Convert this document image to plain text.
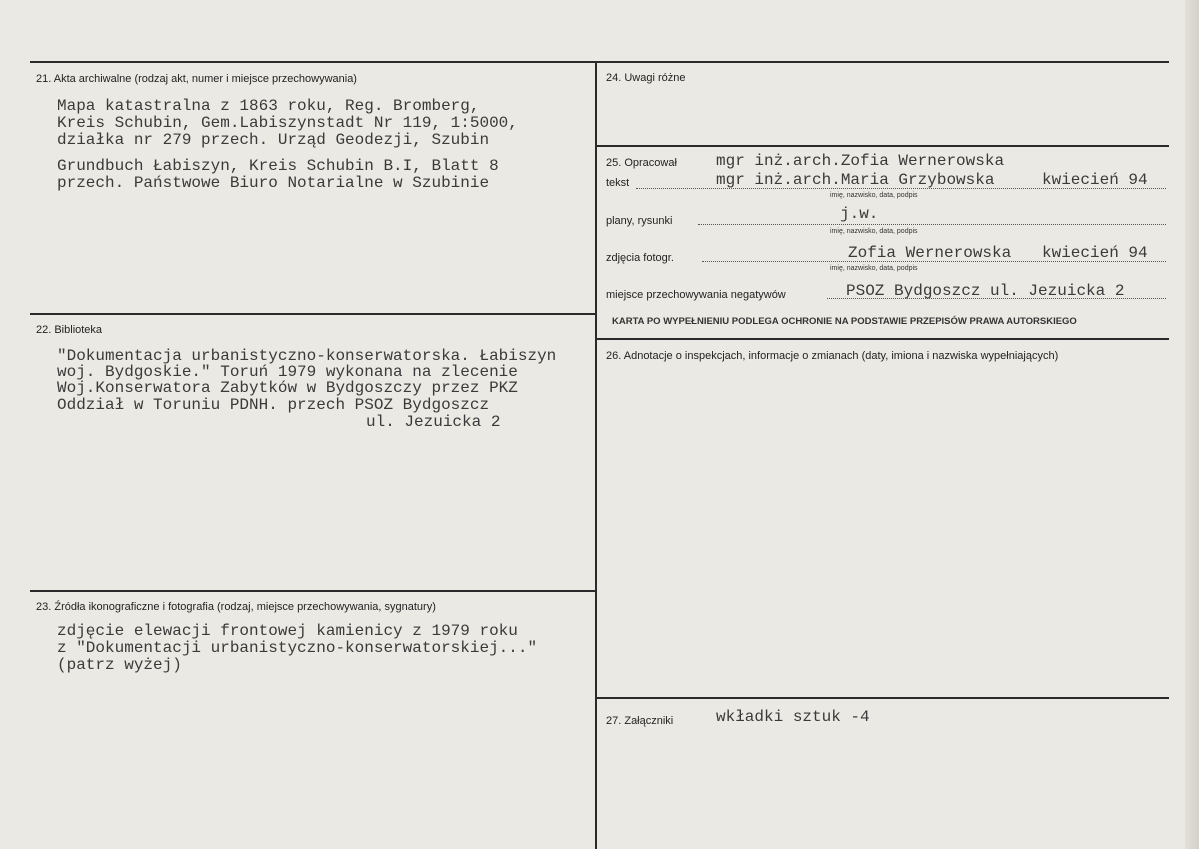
21. Akta archiwalne (rodzaj akt, numer i miejsce przechowywania)
Mapa katastralna z 1863 roku, Reg. Bromberg,
Kreis Schubin, Gem.Labiszynstadt Nr 119, 1:5000,
działka nr 279 przech. Urząd Geodezji, Szubin
Grundbuch Łabiszyn, Kreis Schubin B.I, Blatt 8
przech. Państwowe Biuro Notarialne w Szubinie
22. Biblioteka
"Dokumentacja urbanistyczno-konserwatorska. Łabiszyn
woj. Bydgoskie." Toruń 1979 wykonana na zlecenie
Woj.Konserwatora Zabytków w Bydgoszczy przez PKZ
Oddział w Toruniu PDNH. przech PSOZ Bydgoszcz
ul. Jezuicka 2
23. Źródła ikonograficzne i fotografia (rodzaj, miejsce przechowywania, sygnatury)
zdjęcie elewacji frontowej kamienicy z 1979 roku
z "Dokumentacji urbanistyczno-konserwatorskiej..."
(patrz wyżej)
24. Uwagi różne
25. Opracował mgr inż.arch.Zofia Wernerowska
tekst	mgr inż.arch.Maria Grzybowska	kwiecień 94
imię, nazwisko, data, podpis
plany, rysunki	j.w.
imię, nazwisko, data, podpis
zdjęcia fotogr.	Zofia Wernerowska kwiecień 94
imię, nazwisko, data, podpis
miejsce przechowywania negatywów	PSOZ Bydgoszcz ul. Jezuicka 2
KARTA PO WYPEŁNIENIU PODLEGA OCHRONIE NA PODSTAWIE PRZEPISÓW PRAWA AUTORSKIEGO
26. Adnotacje o inspekcjach, informacje o zmianach (daty, imiona i nazwiska wypełniających)
27. Załączniki	wkładki sztuk -4
